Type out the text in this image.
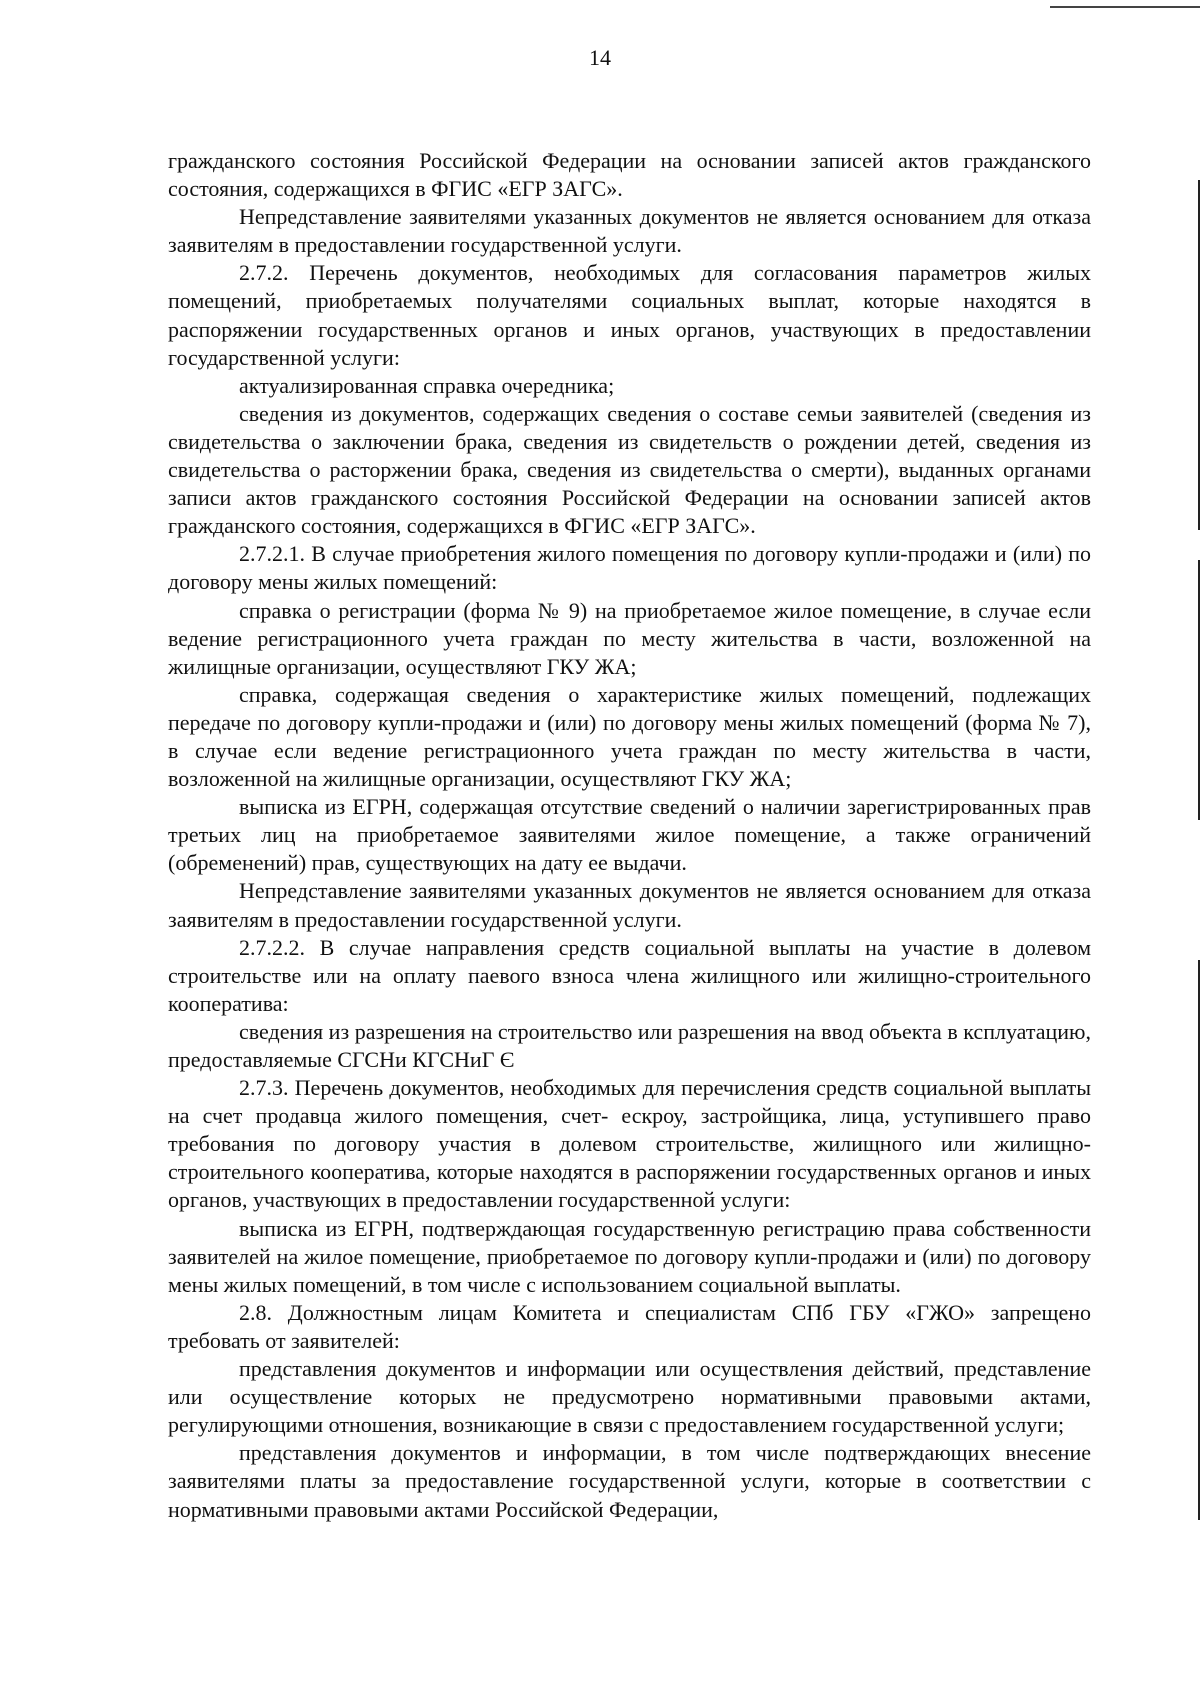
14

гражданского состояния Российской Федерации на основании записей актов гражданского состояния, содержащихся в ФГИС «ЕГР ЗАГС».

Непредставление заявителями указанных документов не является основанием для отказа заявителям в предоставлении государственной услуги.

2.7.2. Перечень документов, необходимых для согласования параметров жилых помещений, приобретаемых получателями социальных выплат, которые находятся в распоряжении государственных органов и иных органов, участвующих в предоставлении государственной услуги:

актуализированная справка очередника;

сведения из документов, содержащих сведения о составе семьи заявителей (сведения из свидетельства о заключении брака, сведения из свидетельств о рождении детей, сведения из свидетельства о расторжении брака, сведения из свидетельства о смерти), выданных органами записи актов гражданского состояния Российской Федерации на основании записей актов гражданского состояния, содержащихся в ФГИС «ЕГР ЗАГС».

2.7.2.1. В случае приобретения жилого помещения по договору купли-продажи и (или) по договору мены жилых помещений:

справка о регистрации (форма № 9) на приобретаемое жилое помещение, в случае если ведение регистрационного учета граждан по месту жительства в части, возложенной на жилищные организации, осуществляют ГКУ ЖА;

справка, содержащая сведения о характеристике жилых помещений, подлежащих передаче по договору купли-продажи и (или) по договору мены жилых помещений (форма № 7), в случае если ведение регистрационного учета граждан по месту жительства в части, возложенной на жилищные организации, осуществляют ГКУ ЖА;

выписка из ЕГРН, содержащая отсутствие сведений о наличии зарегистрированных прав третьих лиц на приобретаемое заявителями жилое помещение, а также ограничений (обременений) прав, существующих на дату ее выдачи.

Непредставление заявителями указанных документов не является основанием для отказа заявителям в предоставлении государственной услуги.

2.7.2.2. В случае направления средств социальной выплаты на участие в долевом строительстве или на оплату паевого взноса члена жилищного или жилищно-строительного кооператива:

сведения из разрешения на строительство или разрешения на ввод объекта в ксплуатацию, предоставляемые СГСНи КГСНиГ Є

2.7.3. Перечень документов, необходимых для перечисления средств социальной выплаты на счет продавца жилого помещения, счет- ескроу, застройщика, лица, уступившего право требования по договору участия в долевом строительстве, жилищного или жилищно-строительного кооператива, которые находятся в распоряжении государственных органов и иных органов, участвующих в предоставлении государственной услуги:

выписка из ЕГРН, подтверждающая государственную регистрацию права собственности заявителей на жилое помещение, приобретаемое по договору купли-продажи и (или) по договору мены жилых помещений, в том числе с использованием социальной выплаты.

2.8. Должностным лицам Комитета и специалистам СПб ГБУ «ГЖО» запрещено требовать от заявителей:

представления документов и информации или осуществления действий, представление или осуществление которых не предусмотрено нормативными правовыми актами, регулирующими отношения, возникающие в связи с предоставлением государственной услуги;

представления документов и информации, в том числе подтверждающих внесение заявителями платы за предоставление государственной услуги, которые в соответствии с нормативными правовыми актами Российской Федерации,
